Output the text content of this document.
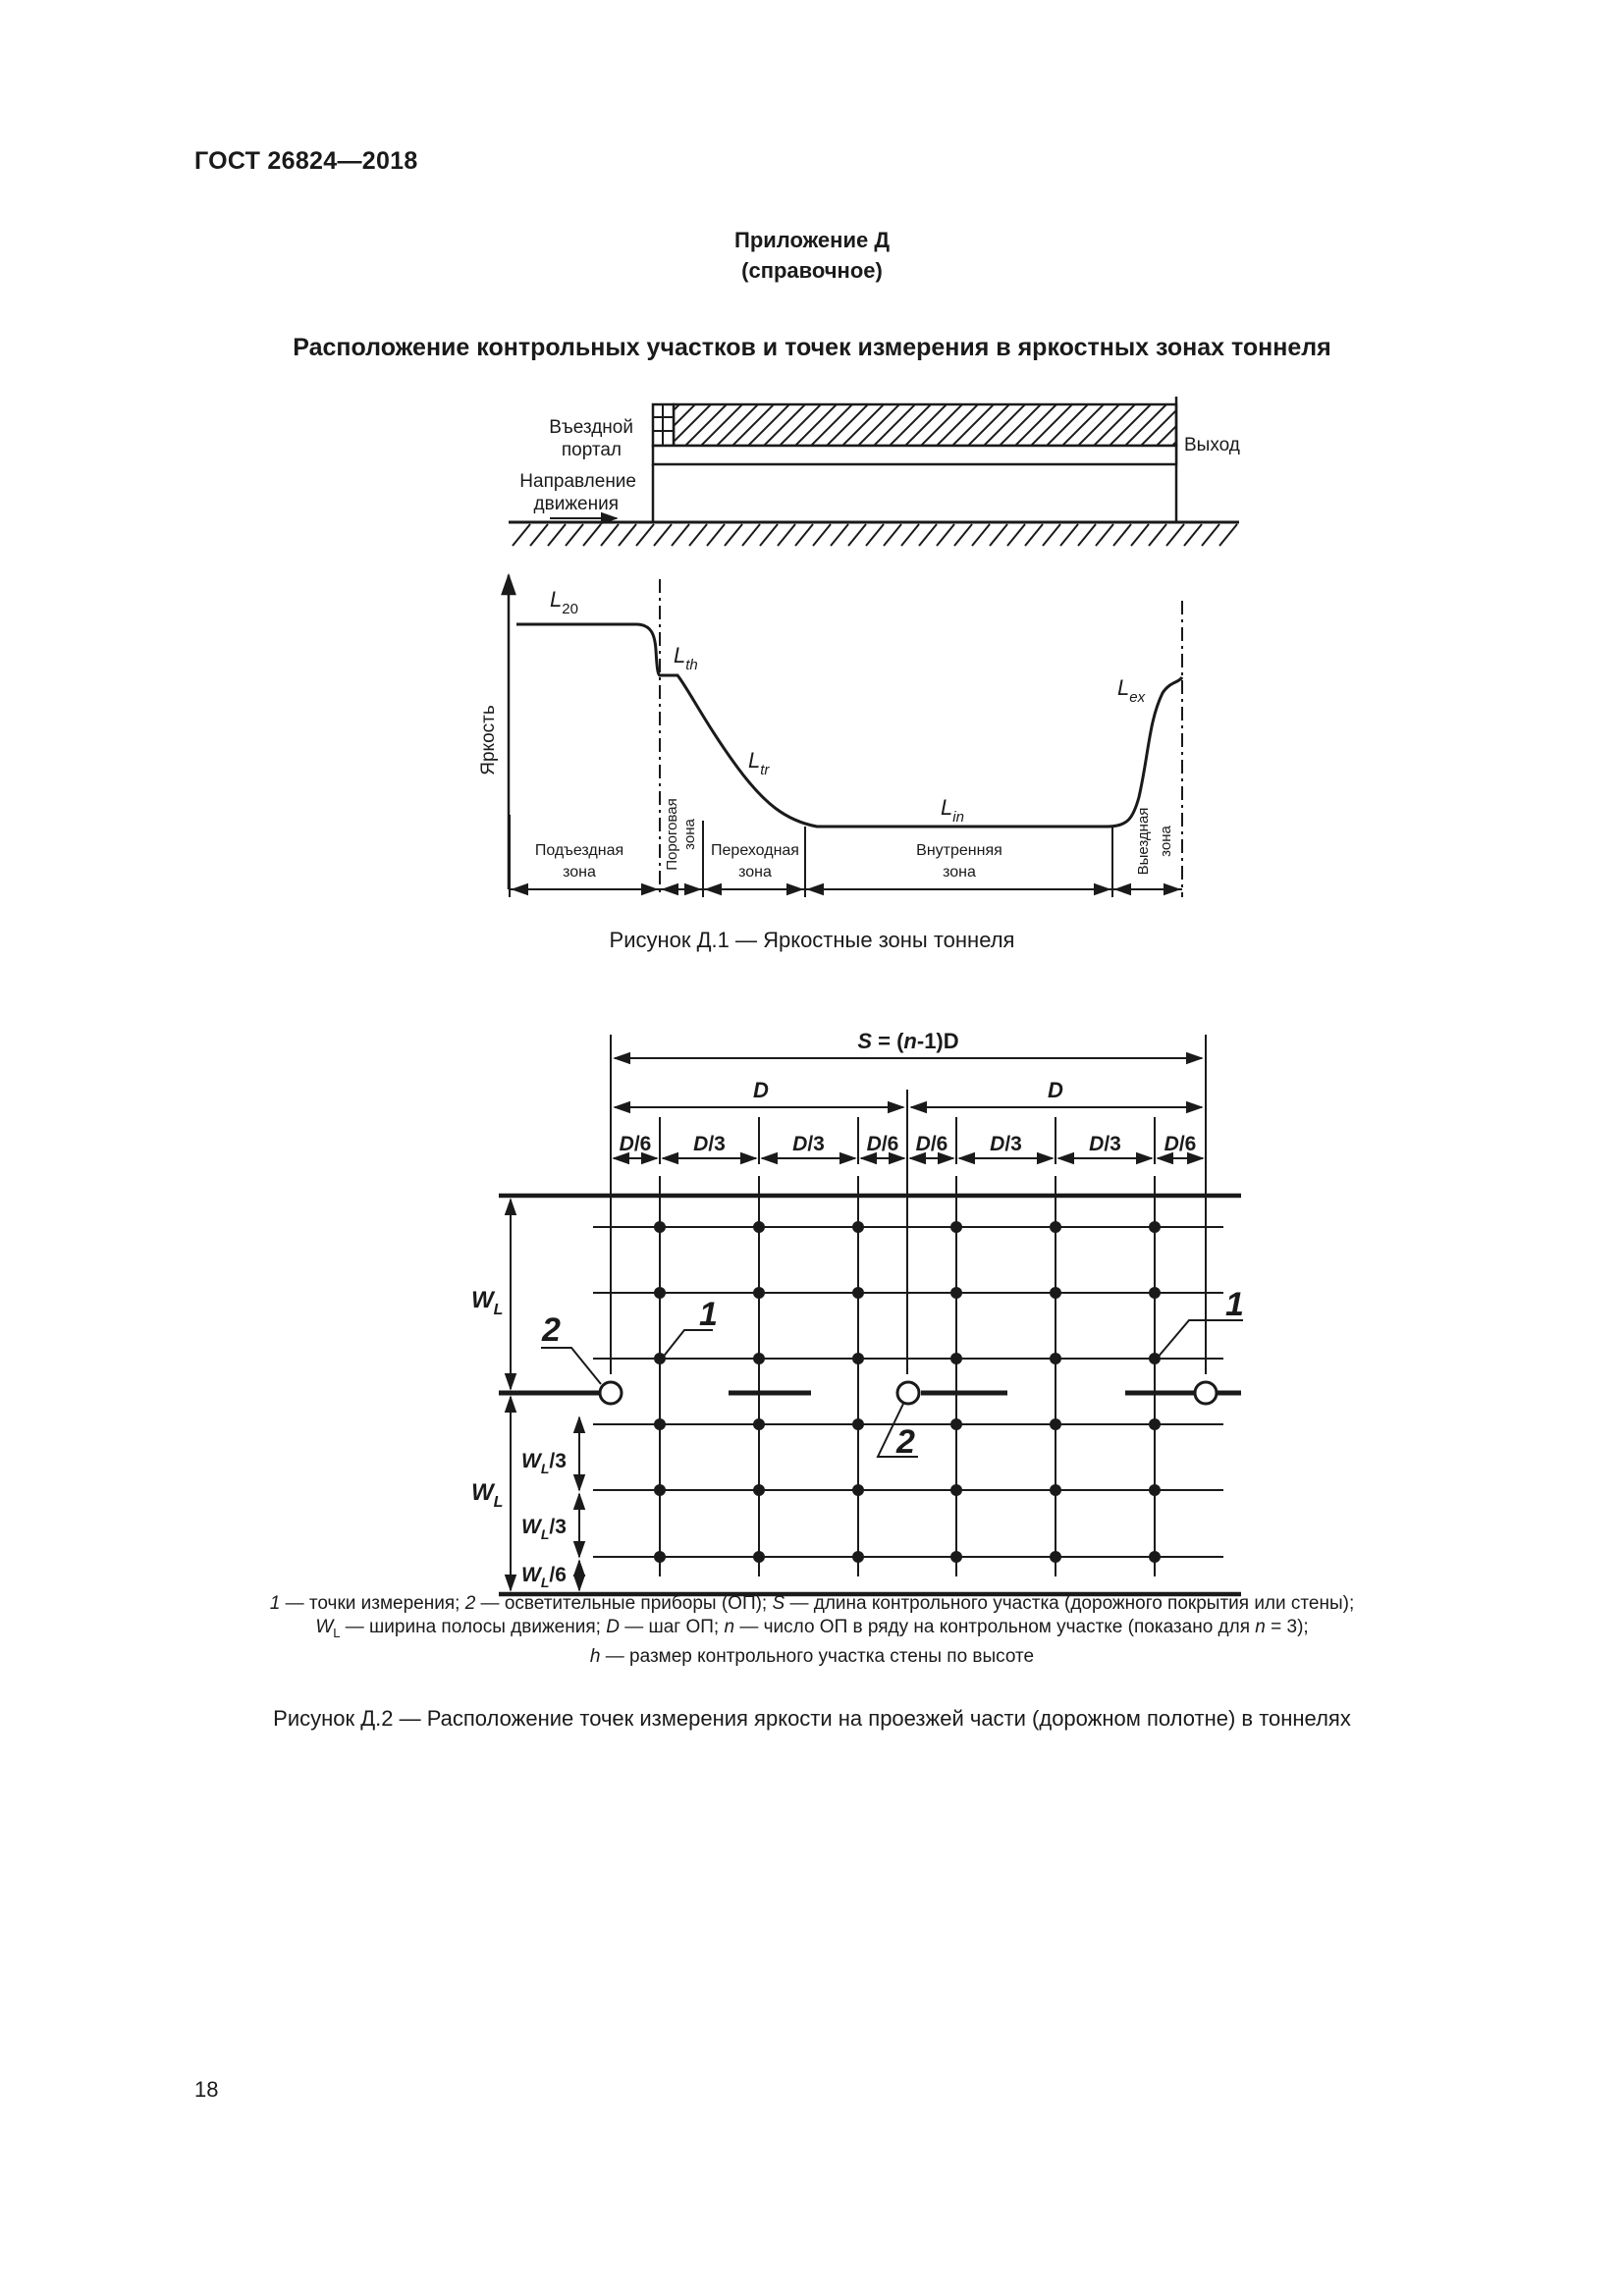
ГОСТ 26824—2018
Приложение Д
(справочное)
Расположение контрольных участков и точек измерения в яркостных зонах тоннеля
Въездной
портал
Направление
движения
Выход
Яркость
$L_{20}$
$L_{th}$
$L_{tr}$
$L_{in}$
$L_{ex}$
Подъездная
зона
Пороговая зона
Переходная
зона
Внутренняя
зона	Выездная зона
S = (n-1)D
D	D
D/6 D/3	D/3 D/6 D/6 D/3	D/3 D/6
2	1	1
2
$W_L$
$W_L$
$W_L/3$
$W_L/3$
$W_L/6$
Рисунок Д.1 — Яркостные зоны тоннеля
1 — точки измерения; 2 — осветительные приборы (ОП); S — длина контрольного участка (дорожного покрытия или стены);
$W_L$ — ширина полосы движения; D — шаг ОП; n — число ОП в ряду на контрольном участке (показано для n = 3);
h — размер контрольного участка стены по высоте
Рисунок Д.2 — Расположение точек измерения яркости на проезжей части (дорожном полотне) в тоннелях
18
